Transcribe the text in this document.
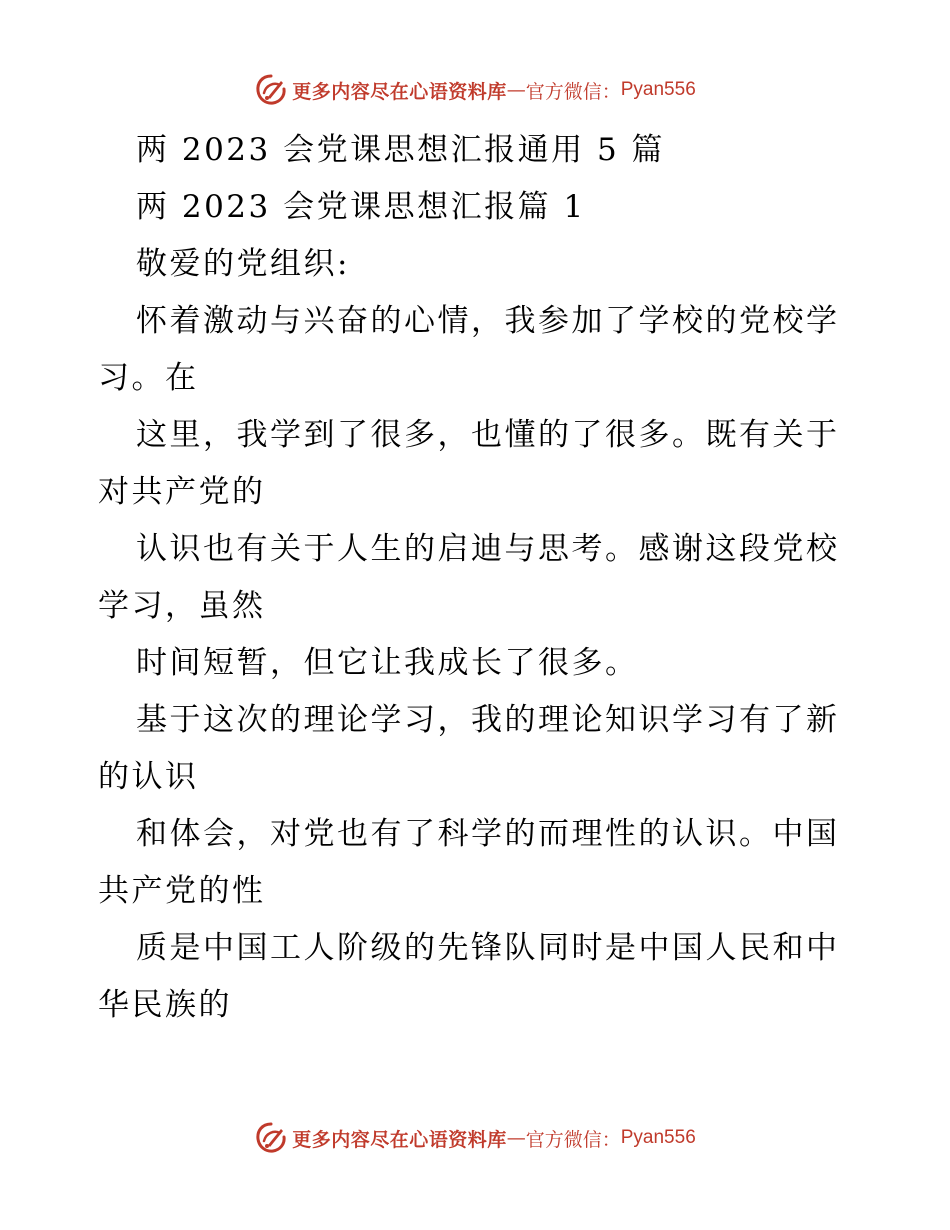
更多内容尽在心语资料库 — 官方微信： Pyan556
两 2023 会党课思想汇报通用 5 篇
两 2023 会党课思想汇报篇 1
敬爱的党组织:
怀着激动与兴奋的心情，我参加了学校的党校学
习。在
这里，我学到了很多，也懂的了很多。既有关于
对共产党的
认识也有关于人生的启迪与思考。感谢这段党校
学习，虽然
时间短暂，但它让我成长了很多。
基于这次的理论学习，我的理论知识学习有了新
的认识
和体会，对党也有了科学的而理性的认识。中国
共产党的性
质是中国工人阶级的先锋队同时是中国人民和中
华民族的
更多内容尽在心语资料库 — 官方微信： Pyan556
